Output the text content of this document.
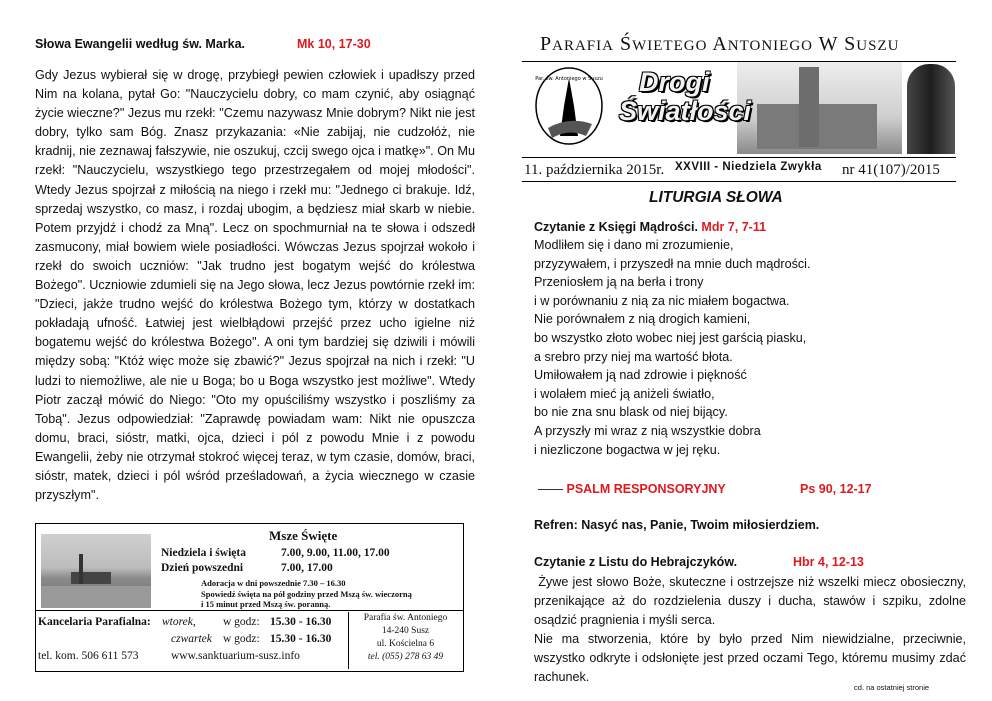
Słowa Ewangelii według św. Marka.	Mk 10, 17-30
Gdy Jezus wybierał się w drogę, przybiegł pewien człowiek i upadłszy przed Nim na kolana, pytał Go: "Nauczycielu dobry, co mam czynić, aby osiągnąć życie wieczne?" Jezus mu rzekł: "Czemu nazywasz Mnie dobrym? Nikt nie jest dobry, tylko sam Bóg. Znasz przykazania: «Nie zabijaj, nie cudzołóż, nie kradnij, nie zeznawaj fałszywie, nie oszukuj, czcij swego ojca i matkę»". On Mu rzekł: "Nauczycielu, wszystkiego tego przestrzegałem od mojej młodości". Wtedy Jezus spojrzał z miłością na niego i rzekł mu: "Jednego ci brakuje. Idź, sprzedaj wszystko, co masz, i rozdaj ubogim, a będziesz miał skarb w niebie. Potem przyjdź i chodź za Mną". Lecz on spochmurniał na te słowa i odszedł zasmucony, miał bowiem wiele posiadłości. Wówczas Jezus spojrzał wokoło i rzekł do swoich uczniów: "Jak trudno jest bogatym wejść do królestwa Bożego". Uczniowie zdumieli się na Jego słowa, lecz Jezus powtórnie rzekł im: "Dzieci, jakże trudno wejść do królestwa Bożego tym, którzy w dostatkach pokładają ufność. Łatwiej jest wielbłądowi przejść przez ucho igielne niż bogatemu wejść do królestwa Bożego". A oni tym bardziej się dziwili i mówili między sobą: "Któż więc może się zbawić?" Jezus spojrzał na nich i rzekł: "U ludzi to niemożliwe, ale nie u Boga; bo u Boga wszystko jest możliwe". Wtedy Piotr zaczął mówić do Niego: "Oto my opuściliśmy wszystko i poszliśmy za Tobą". Jezus odpowiedział: "Zaprawdę powiadam wam: Nikt nie opuszcza domu, braci, sióstr, matki, ojca, dzieci i pól z powodu Mnie i z powodu Ewangelii, żeby nie otrzymał stokroć więcej teraz, w tym czasie, domów, braci, sióstr, matek, dzieci i pól wśród prześladowań, a życia wiecznego w czasie przyszłym".
Msze Święte
Niedziela i święta	7.00, 9.00, 11.00, 17.00
Dzień powszedni	7.00, 17.00
Adoracja w dni powszednie 7.30 – 16.30
Spowiedź święta na pół godziny przed Mszą św. wieczorną
i 15 minut przed Mszą św. poranną.
Kancelaria Parafialna: wtorek, w godz: 15.30 - 16.30
czwartek w godz: 15.30 - 16.30
tel. kom. 506 611 573	www.sanktuarium-susz.info
Parafia św. Antoniego
14-240 Susz
ul. Kościelna 6
tel. (055) 278 63 49
PARAFIA ŚWIETEGO ANTONIEGO W SUSZU
Par. św. Antoniego w Suszu	Drogi
Światłości
11. października 2015r. XXVIII - Niedziela Zwykła nr 41(107)/2015
LITURGIA SŁOWA
Czytanie z Księgi Mądrości. Mdr 7, 7-11
Modliłem się i dano mi zrozumienie,
przyzywałem, i przyszedł na mnie duch mądrości.
Przeniosłem ją na berła i trony
i w porównaniu z nią za nic miałem bogactwa.
Nie porównałem z nią drogich kamieni,
bo wszystko złoto wobec niej jest garścią piasku,
a srebro przy niej ma wartość błota.
Umiłowałem ją nad zdrowie i piękność
i wolałem mieć ją aniżeli światło,
bo nie zna snu blask od niej bijący.
A przyszły mi wraz z nią wszystkie dobra
i niezliczone bogactwa w jej ręku.
—— PSALM RESPONSORYJNY	Ps 90, 12-17
Refren: Nasyć nas, Panie, Twoim miłosierdziem.
Czytanie z Listu do Hebrajczyków.	Hbr 4, 12-13
Żywe jest słowo Boże, skuteczne i ostrzejsze niż wszelki miecz obosieczny, przenikające aż do rozdzielenia duszy i ducha, stawów i szpiku, zdolne osądzić pragnienia i myśli serca.
Nie ma stworzenia, które by było przed Nim niewidzialne, przeciwnie, wszystko odkryte i odsłonięte jest przed oczami Tego, któremu musimy zdać rachunek.
cd. na ostatniej stronie
